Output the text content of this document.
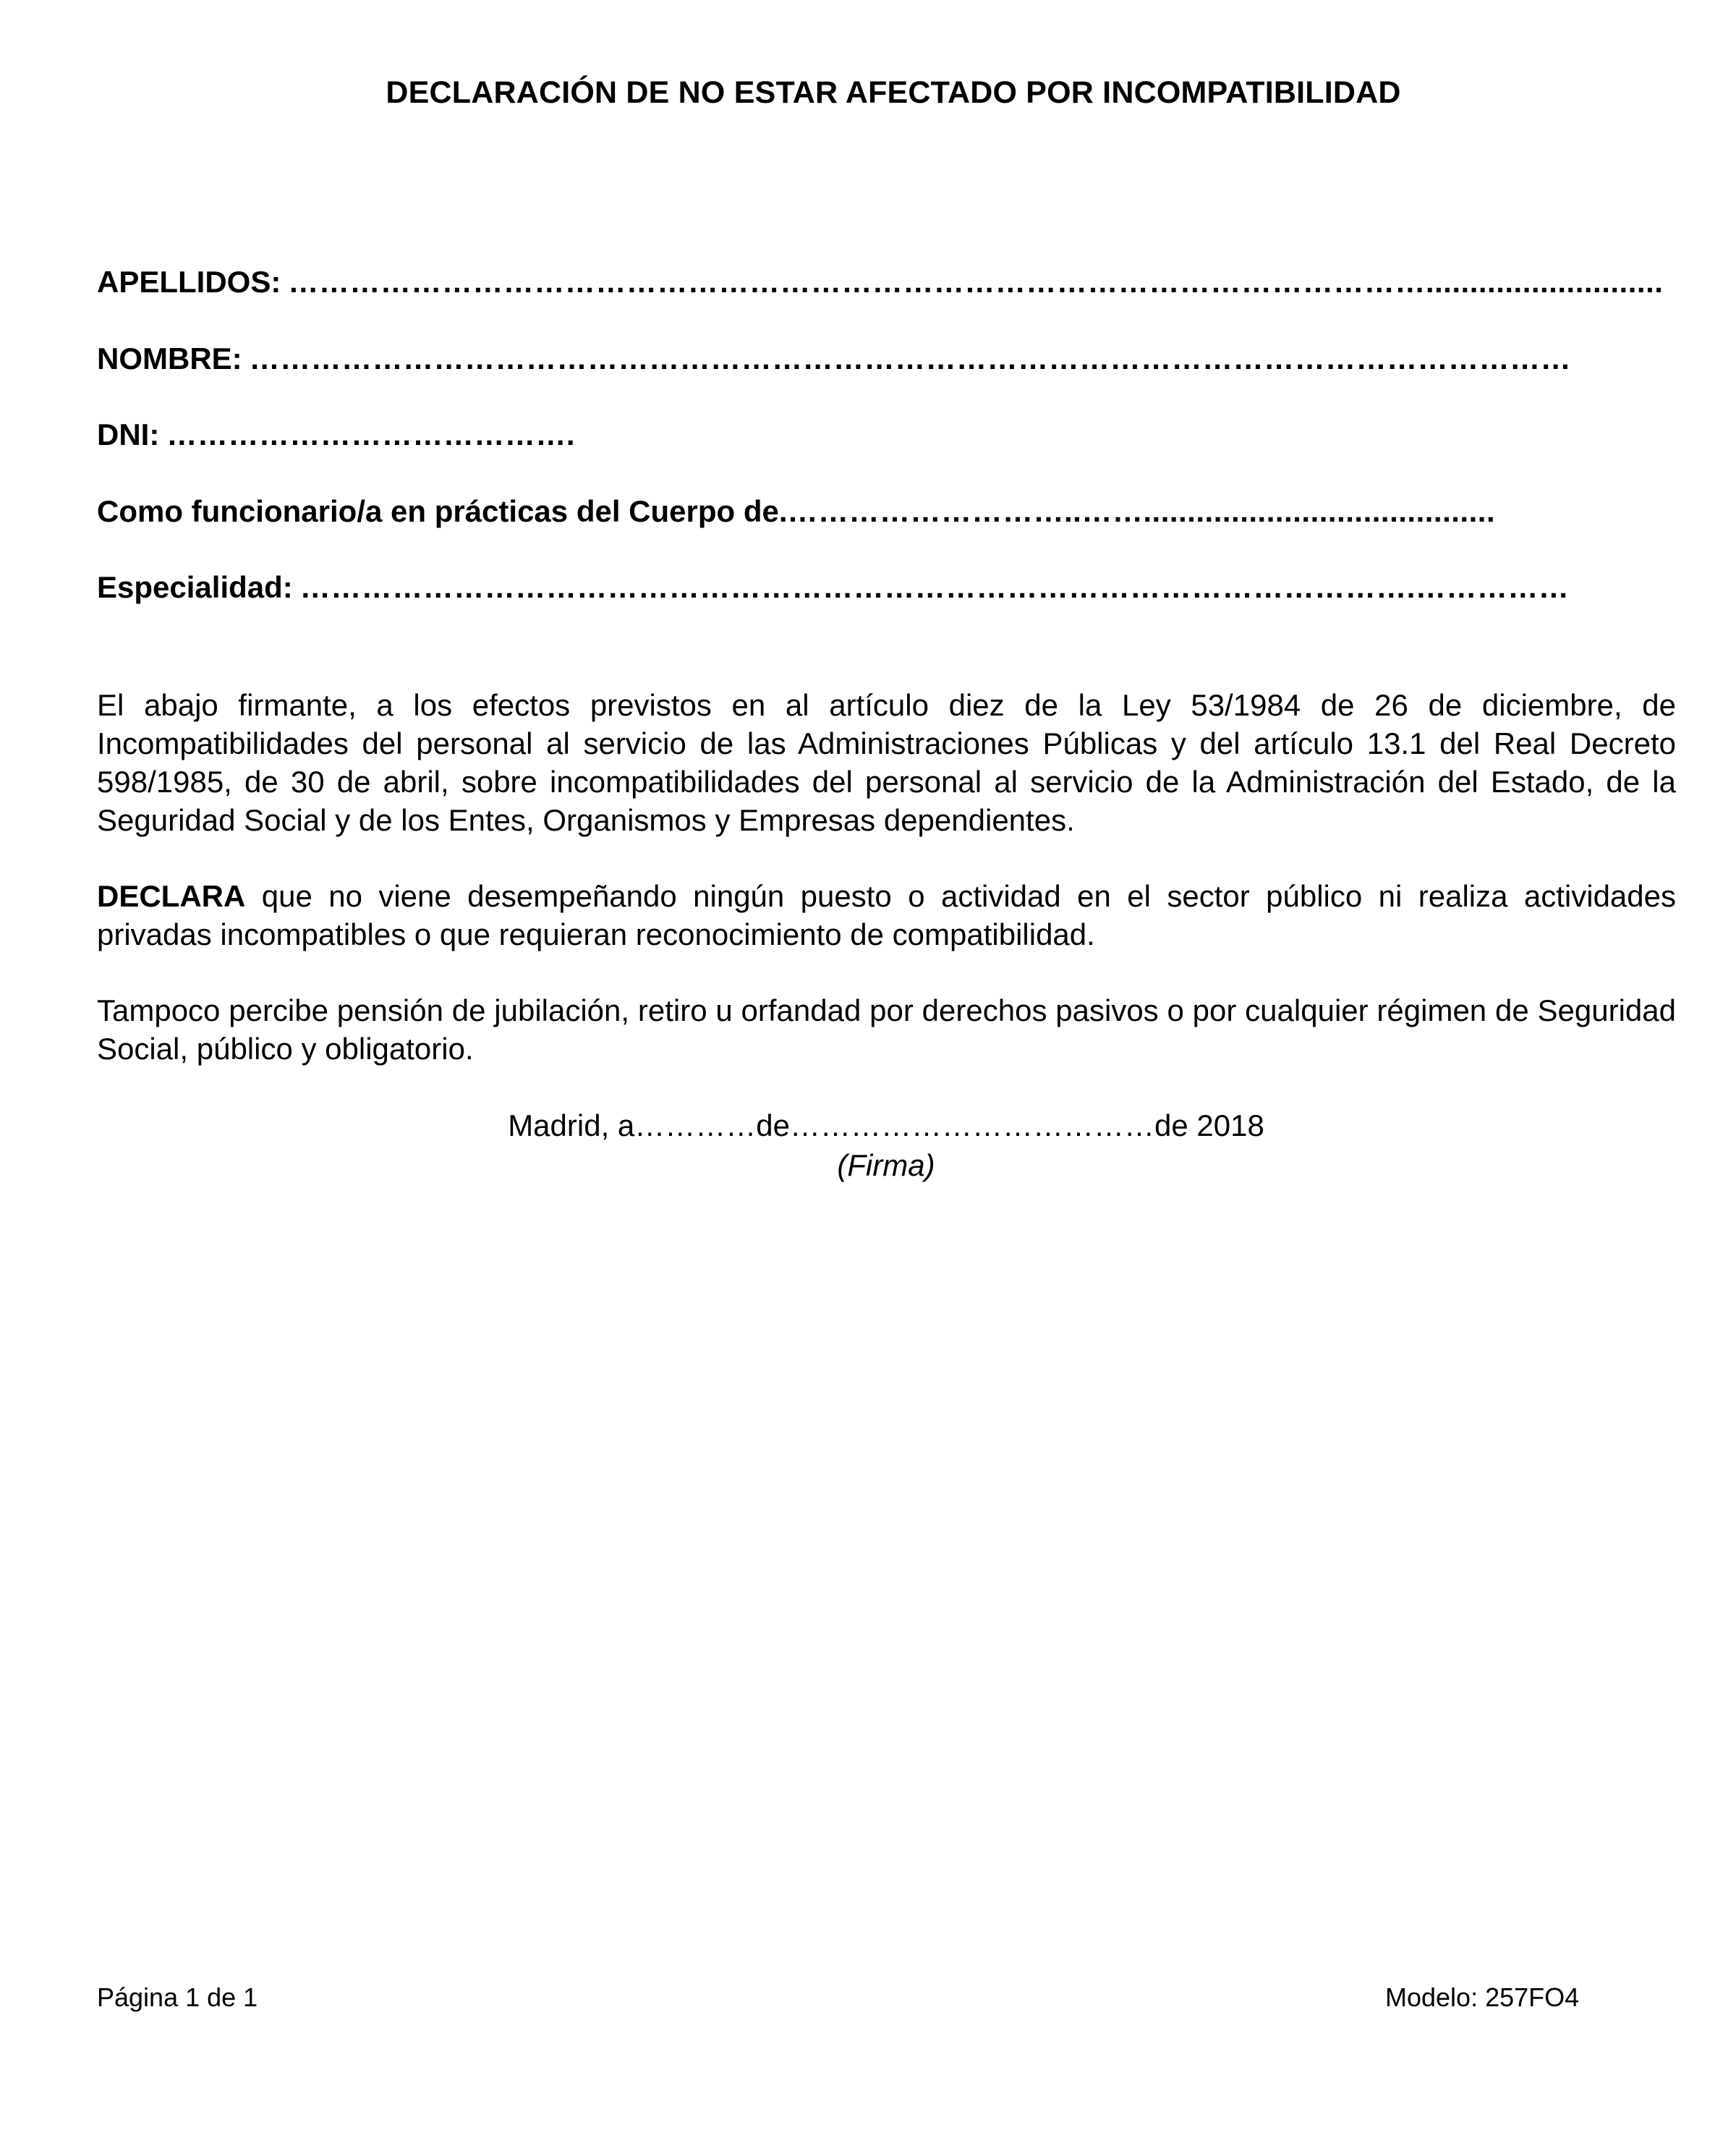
DECLARACIÓN DE NO ESTAR AFECTADO POR INCOMPATIBILIDAD
APELLIDOS: …………………………………………………………………………………………………...........................
NOMBRE: …………………………………………………………………………………………………………………
DNI: ………………………………….
Como funcionario/a en prácticas del Cuerpo de. ………………………..……........................................
Especialidad: ……………………………………………………………………………………………….……………

El abajo firmante, a los efectos previstos en al artículo diez de la Ley 53/1984 de 26 de diciembre, de Incompatibilidades del personal al servicio de las Administraciones Públicas y del artículo 13.1 del Real Decreto 598/1985, de 30 de abril, sobre incompatibilidades del personal al servicio de la Administración del Estado, de la Seguridad Social y de los Entes, Organismos y Empresas dependientes.

DECLARA que no viene desempeñando ningún puesto o actividad en el sector público ni realiza actividades privadas incompatibles o que requieran reconocimiento de compatibilidad.

Tampoco percibe pensión de jubilación, retiro u orfandad por derechos pasivos o por cualquier régimen de Seguridad Social, público y obligatorio.

Madrid, a…………de………………………………de 2018
(Firma)
Página 1 de 1	Modelo: 257FO4
